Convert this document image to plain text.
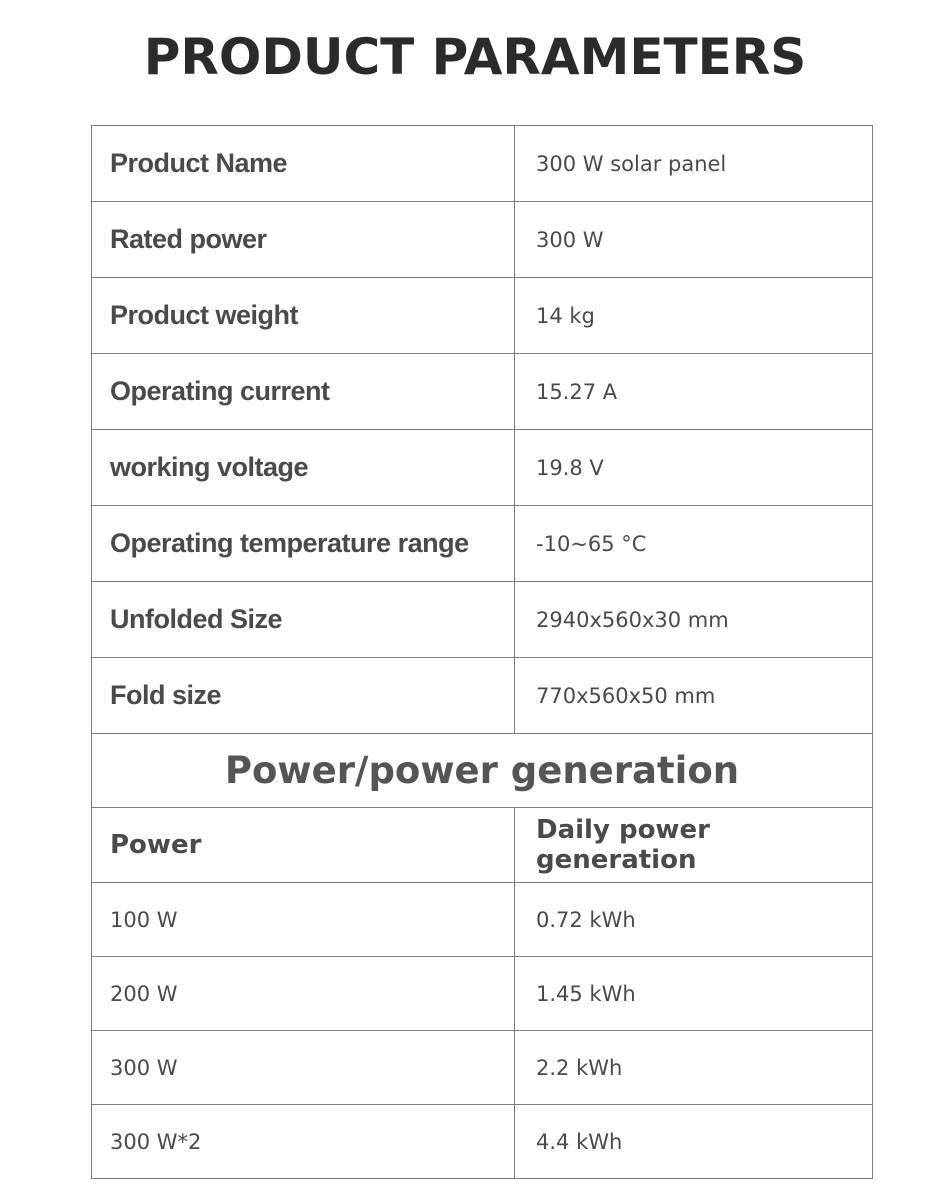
PRODUCT PARAMETERS
Product Name	300 W solar panel
Rated power	300 W
Product weight	14 kg
Operating current	15.27 A
working voltage	19.8 V
Operating temperature range	-10~65 °C
Unfolded Size	2940x560x30 mm
Fold size	770x560x50 mm
Power/power generation	
Power	Daily power generation
100 W	0.72 kWh
200 W	1.45 kWh
300 W	2.2 kWh
300 W*2	4.4 kWh
